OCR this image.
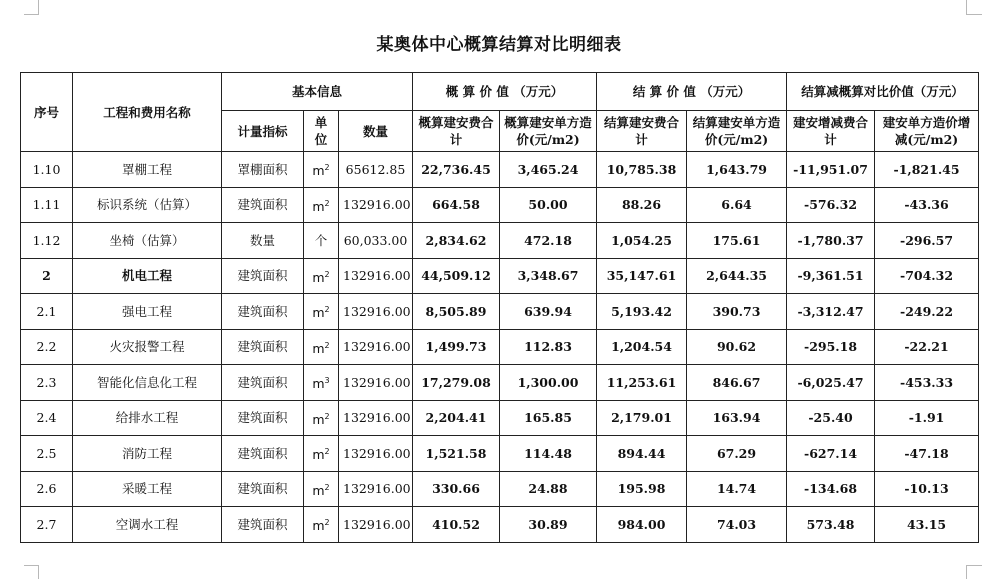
某奥体中心概算结算对比明细表
序号	工程和费用名称	基本信息			概 算 价 值 （万元）		结 算 价 值 （万元）		结算减概算对比价值（万元）	
		计量指标	单位	数量	概算建安费合计	概算建安单方造价(元/m2)	结算建安费合计	结算建安单方造价(元/m2)	建安增减费合计	建安单方造价增减(元/m2)
1.10	罩棚工程	罩棚面积	$m^2$	65612.85	22,736.45	3,465.24	10,785.38	1,643.79	-11,951.07	-1,821.45
1.11	标识系统（估算）	建筑面积	$m^2$	132916.00	664.58	50.00	88.26	6.64	-576.32	-43.36
1.12	坐椅（估算）	数量	个	60,033.00	2,834.62	472.18	1,054.25	175.61	-1,780.37	-296.57
2	机电工程	建筑面积	$m^2$	132916.00	44,509.12	3,348.67	35,147.61	2,644.35	-9,361.51	-704.32
2.1	强电工程	建筑面积	$m^2$	132916.00	8,505.89	639.94	5,193.42	390.73	-3,312.47	-249.22
2.2	火灾报警工程	建筑面积	$m^2$	132916.00	1,499.73	112.83	1,204.54	90.62	-295.18	-22.21
2.3	智能化信息化工程	建筑面积	$m^3$	132916.00	17,279.08	1,300.00	11,253.61	846.67	-6,025.47	-453.33
2.4	给排水工程	建筑面积	$m^2$	132916.00	2,204.41	165.85	2,179.01	163.94	-25.40	-1.91
2.5	消防工程	建筑面积	$m^2$	132916.00	1,521.58	114.48	894.44	67.29	-627.14	-47.18
2.6	采暖工程	建筑面积	$m^2$	132916.00	330.66	24.88	195.98	14.74	-134.68	-10.13
2.7	空调水工程	建筑面积	$m^2$	132916.00	410.52	30.89	984.00	74.03	573.48	43.15
